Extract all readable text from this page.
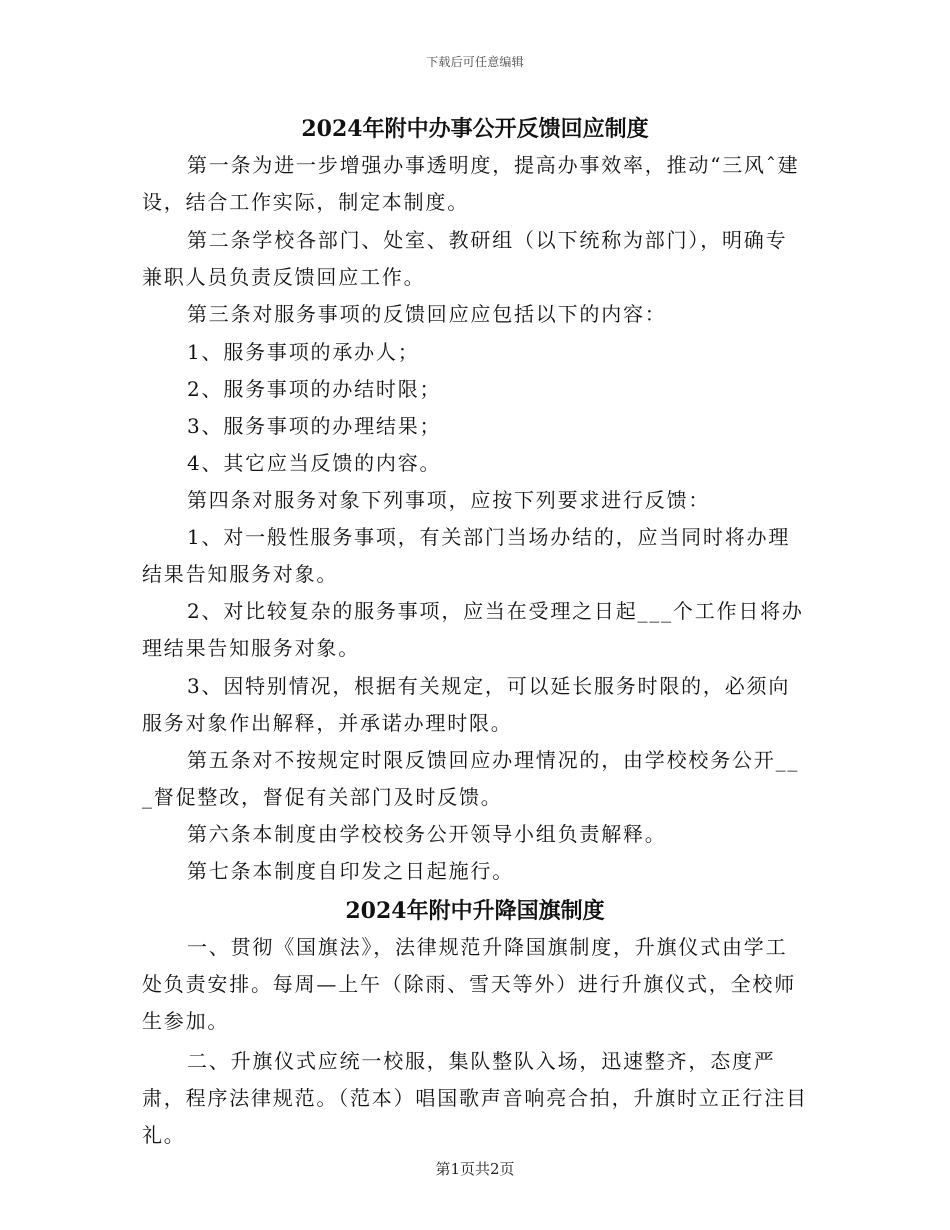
下载后可任意编辑
2024年附中办事公开反馈回应制度
第一条为进一步增强办事透明度，提高办事效率，推动“三风ˆ建设，结合工作实际，制定本制度。
第二条学校各部门、处室、教研组（以下统称为部门），明确专兼职人员负责反馈回应工作。
第三条对服务事项的反馈回应应包括以下的内容：
1、服务事项的承办人；
2、服务事项的办结时限；
3、服务事项的办理结果；
4、其它应当反馈的内容。
第四条对服务对象下列事项，应按下列要求进行反馈：
1、对一般性服务事项，有关部门当场办结的，应当同时将办理结果告知服务对象。
2、对比较复杂的服务事项，应当在受理之日起___个工作日将办理结果告知服务对象。
3、因特别情况，根据有关规定，可以延长服务时限的，必须向服务对象作出解释，并承诺办理时限。
第五条对不按规定时限反馈回应办理情况的，由学校校务公开___督促整改，督促有关部门及时反馈。
第六条本制度由学校校务公开领导小组负责解释。
第七条本制度自印发之日起施行。
2024年附中升降国旗制度
一、贯彻《国旗法》，法律规范升降国旗制度，升旗仪式由学工处负责安排。每周—上午（除雨、雪天等外）进行升旗仪式，全校师生参加。
二、升旗仪式应统一校服，集队整队入场，迅速整齐，态度严肃，程序法律规范。（范本）唱国歌声音响亮合拍，升旗时立正行注目礼。
第1页共2页
